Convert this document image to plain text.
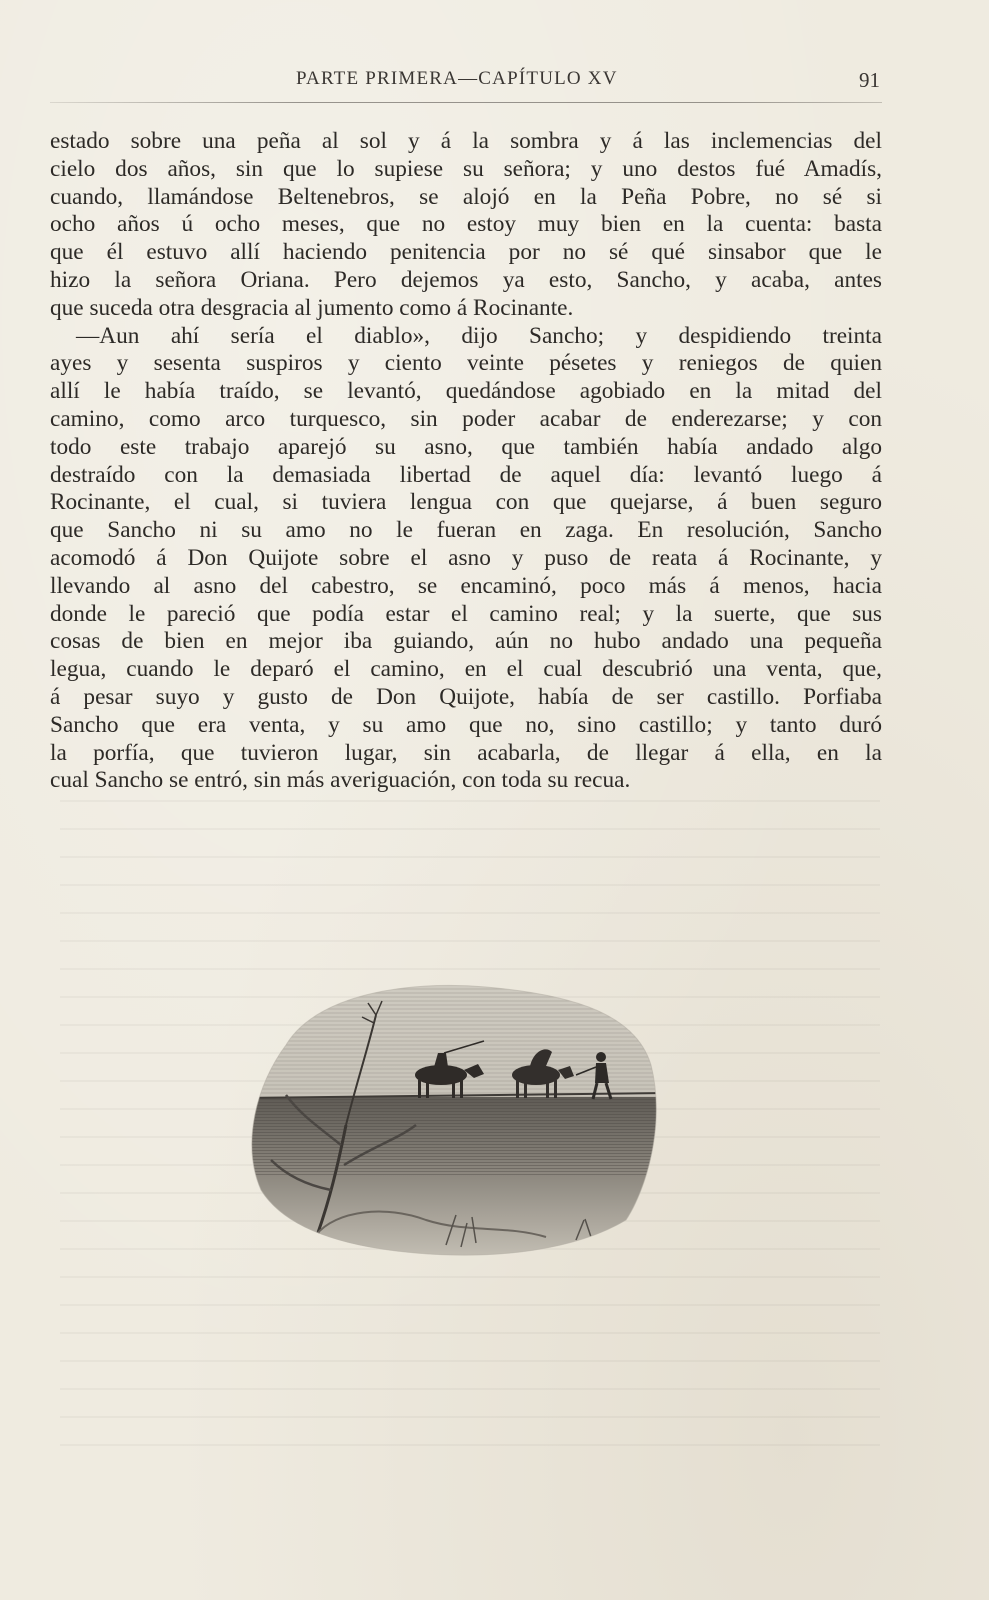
PARTE PRIMERA—CAPÍTULO XV	91
estado sobre una peña al sol y á la sombra y á las inclemencias del
cielo dos años, sin que lo supiese su señora; y uno destos fué Amadís,
cuando, llamándose Beltenebros, se alojó en la Peña Pobre, no sé si
ocho años ú ocho meses, que no estoy muy bien en la cuenta: basta
que él estuvo allí haciendo penitencia por no sé qué sinsabor que le
hizo la señora Oriana. Pero dejemos ya esto, Sancho, y acaba, antes
que suceda otra desgracia al jumento como á Rocinante.
—Aun ahí sería el diablo», dijo Sancho; y despidiendo treinta
ayes y sesenta suspiros y ciento veinte pésetes y reniegos de quien
allí le había traído, se levantó, quedándose agobiado en la mitad del
camino, como arco turquesco, sin poder acabar de enderezarse; y con
todo este trabajo aparejó su asno, que también había andado algo
destraído con la demasiada libertad de aquel día: levantó luego á
Rocinante, el cual, si tuviera lengua con que quejarse, á buen seguro
que Sancho ni su amo no le fueran en zaga. En resolución, Sancho
acomodó á Don Quijote sobre el asno y puso de reata á Rocinante, y
llevando al asno del cabestro, se encaminó, poco más á menos, hacia
donde le pareció que podía estar el camino real; y la suerte, que sus
cosas de bien en mejor iba guiando, aún no hubo andado una pequeña
legua, cuando le deparó el camino, en el cual descubrió una venta, que,
á pesar suyo y gusto de Don Quijote, había de ser castillo. Porfiaba
Sancho que era venta, y su amo que no, sino castillo; y tanto duró
la porfía, que tuvieron lugar, sin acabarla, de llegar á ella, en la
cual Sancho se entró, sin más averiguación, con toda su recua.
